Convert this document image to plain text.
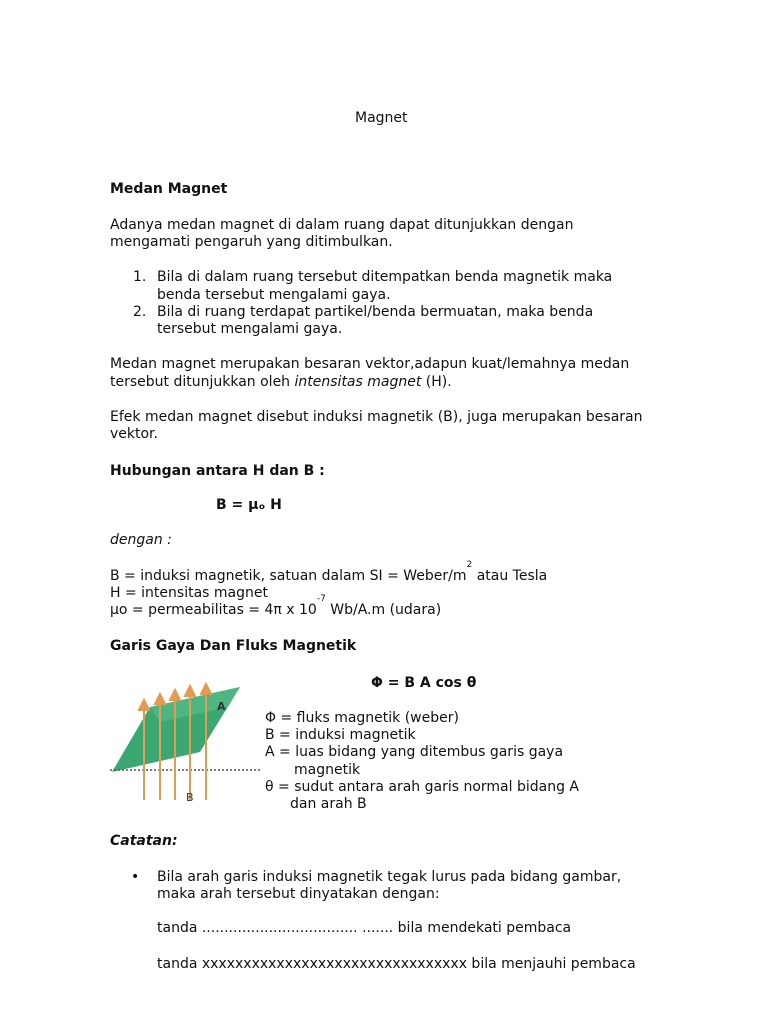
Magnet
Medan Magnet
Adanya medan magnet di dalam ruang dapat ditunjukkan dengan
mengamati pengaruh yang ditimbulkan.
1. Bila di dalam ruang tersebut ditempatkan benda magnetik maka
benda tersebut mengalami gaya.
2. Bila di ruang terdapat partikel/benda bermuatan, maka benda
tersebut mengalami gaya.
Medan magnet merupakan besaran vektor,adapun kuat/lemahnya medan
tersebut ditunjukkan oleh intensitas magnet (H).
Efek medan magnet disebut induksi magnetik (B), juga merupakan besaran
vektor.
Hubungan antara H dan B :
B = μₒ H
dengan :
B = induksi magnetik, satuan dalam SI = Weber/$m^2$ atau Tesla
H = intensitas magnet
μo = permeabilitas = 4π x $10^{-7}$ Wb/A.m (udara)
Garis Gaya Dan Fluks Magnetik
Φ = B A cos θ
A
B
Φ = fluks magnetik (weber)
B = induksi magnetik
A = luas bidang yang ditembus garis gaya
magnetik
θ = sudut antara arah garis normal bidang A
dan arah B
Catatan:
• Bila arah garis induksi magnetik tegak lurus pada bidang gambar,
maka arah tersebut dinyatakan dengan:
tanda ................................... ....... bila mendekati pembaca
tanda xxxxxxxxxxxxxxxxxxxxxxxxxxxxxxxx bila menjauhi pembaca
